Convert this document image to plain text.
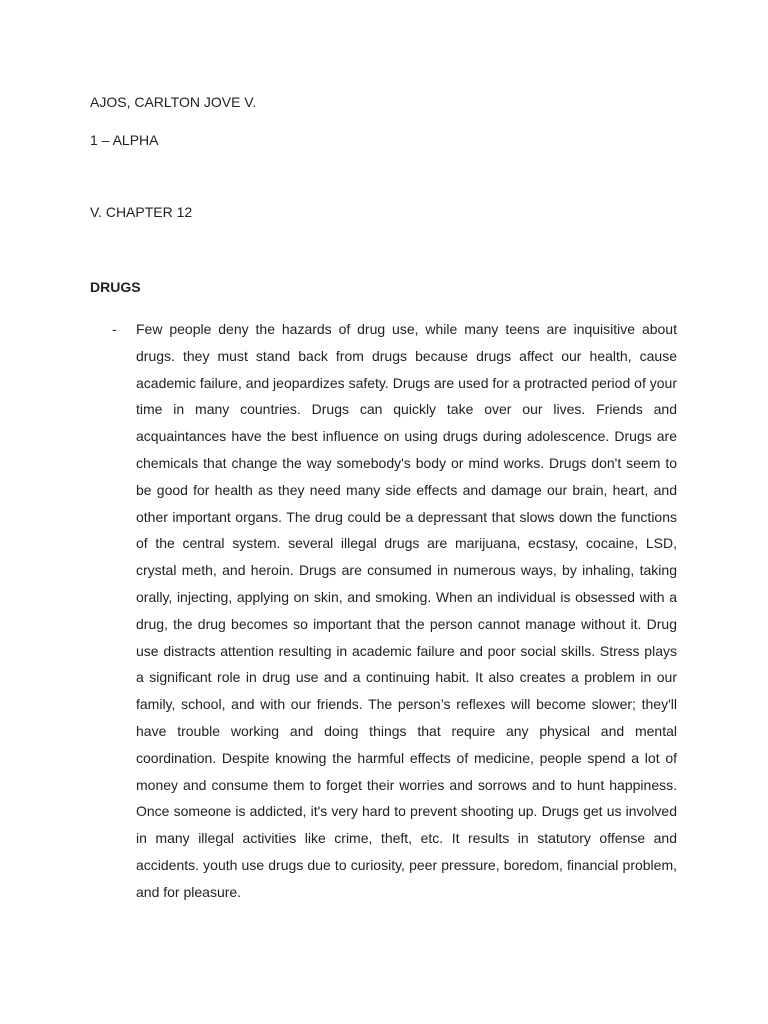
AJOS, CARLTON JOVE V.
1 – ALPHA
V. CHAPTER 12
DRUGS
- Few people deny the hazards of drug use, while many teens are inquisitive about drugs. they must stand back from drugs because drugs affect our health, cause academic failure, and jeopardizes safety. Drugs are used for a protracted period of your time in many countries. Drugs can quickly take over our lives. Friends and acquaintances have the best influence on using drugs during adolescence. Drugs are chemicals that change the way somebody's body or mind works. Drugs don't seem to be good for health as they need many side effects and damage our brain, heart, and other important organs. The drug could be a depressant that slows down the functions of the central system. several illegal drugs are marijuana, ecstasy, cocaine, LSD, crystal meth, and heroin. Drugs are consumed in numerous ways, by inhaling, taking orally, injecting, applying on skin, and smoking. When an individual is obsessed with a drug, the drug becomes so important that the person cannot manage without it. Drug use distracts attention resulting in academic failure and poor social skills. Stress plays a significant role in drug use and a continuing habit. It also creates a problem in our family, school, and with our friends. The person’s reflexes will become slower; they'll have trouble working and doing things that require any physical and mental coordination. Despite knowing the harmful effects of medicine, people spend a lot of money and consume them to forget their worries and sorrows and to hunt happiness. Once someone is addicted, it's very hard to prevent shooting up. Drugs get us involved in many illegal activities like crime, theft, etc. It results in statutory offense and accidents. youth use drugs due to curiosity, peer pressure, boredom, financial problem, and for pleasure.
